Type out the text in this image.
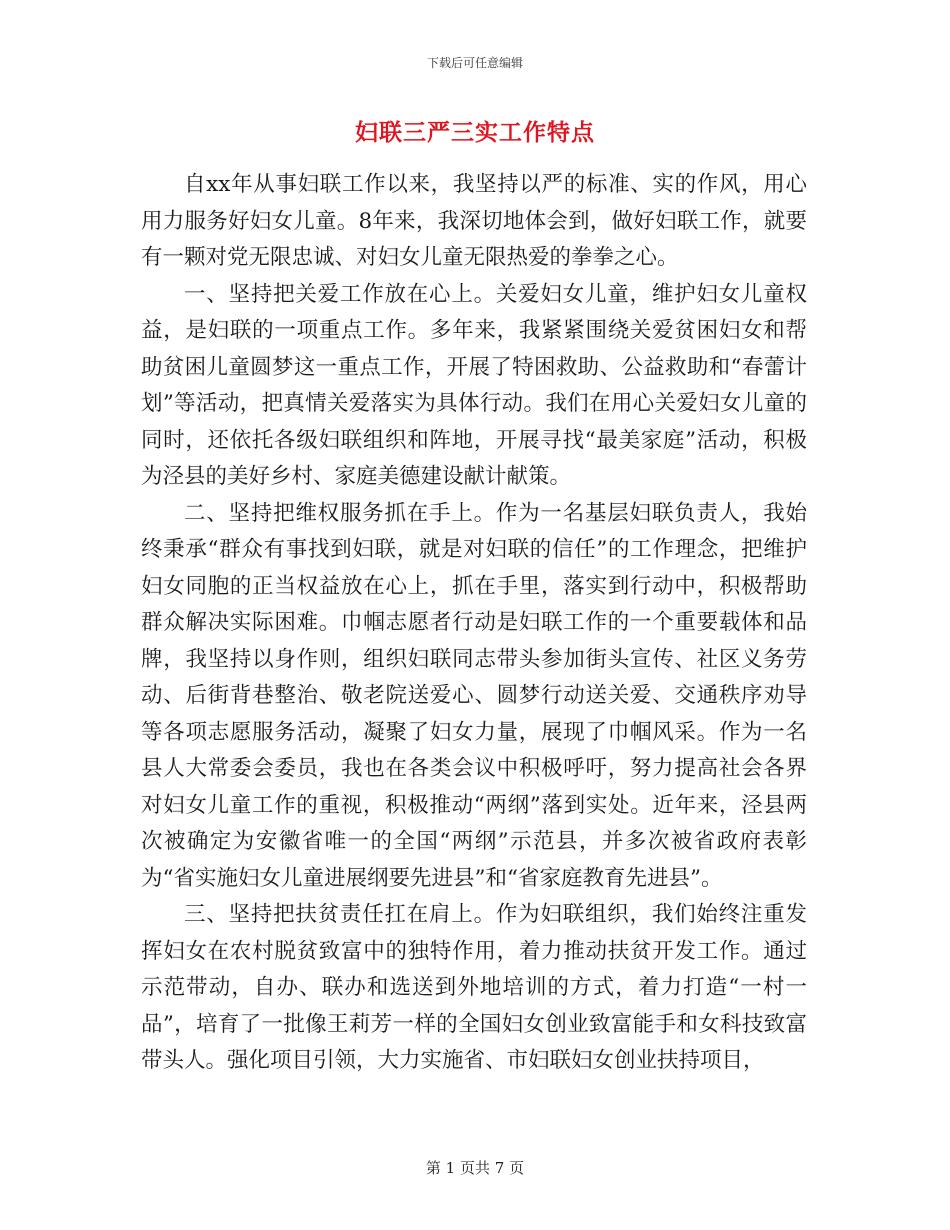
下载后可任意编辑
妇联三严三实工作特点

自xx年从事妇联工作以来，我坚持以严的标准、实的作风，用心用力服务好妇女儿童。8年来，我深切地体会到，做好妇联工作，就要有一颗对党无限忠诚、对妇女儿童无限热爱的拳拳之心。

一、坚持把关爱工作放在心上。关爱妇女儿童，维护妇女儿童权益，是妇联的一项重点工作。多年来，我紧紧围绕关爱贫困妇女和帮助贫困儿童圆梦这一重点工作，开展了特困救助、公益救助和“春蕾计划”等活动，把真情关爱落实为具体行动。我们在用心关爱妇女儿童的同时，还依托各级妇联组织和阵地，开展寻找“最美家庭”活动，积极为泾县的美好乡村、家庭美德建设献计献策。

二、坚持把维权服务抓在手上。作为一名基层妇联负责人，我始终秉承“群众有事找到妇联，就是对妇联的信任”的工作理念，把维护妇女同胞的正当权益放在心上，抓在手里，落实到行动中，积极帮助群众解决实际困难。巾帼志愿者行动是妇联工作的一个重要载体和品牌，我坚持以身作则，组织妇联同志带头参加街头宣传、社区义务劳动、后街背巷整治、敬老院送爱心、圆梦行动送关爱、交通秩序劝导等各项志愿服务活动，凝聚了妇女力量，展现了巾帼风采。作为一名县人大常委会委员，我也在各类会议中积极呼吁，努力提高社会各界对妇女儿童工作的重视，积极推动“两纲”落到实处。近年来，泾县两次被确定为安徽省唯一的全国“两纲”示范县，并多次被省政府表彰为“省实施妇女儿童进展纲要先进县”和“省家庭教育先进县”。

三、坚持把扶贫责任扛在肩上。作为妇联组织，我们始终注重发挥妇女在农村脱贫致富中的独特作用，着力推动扶贫开发工作。通过示范带动，自办、联办和选送到外地培训的方式，着力打造“一村一品”，培育了一批像王莉芳一样的全国妇女创业致富能手和女科技致富带头人。强化项目引领，大力实施省、市妇联妇女创业扶持项目，

第 1 页共 7 页
